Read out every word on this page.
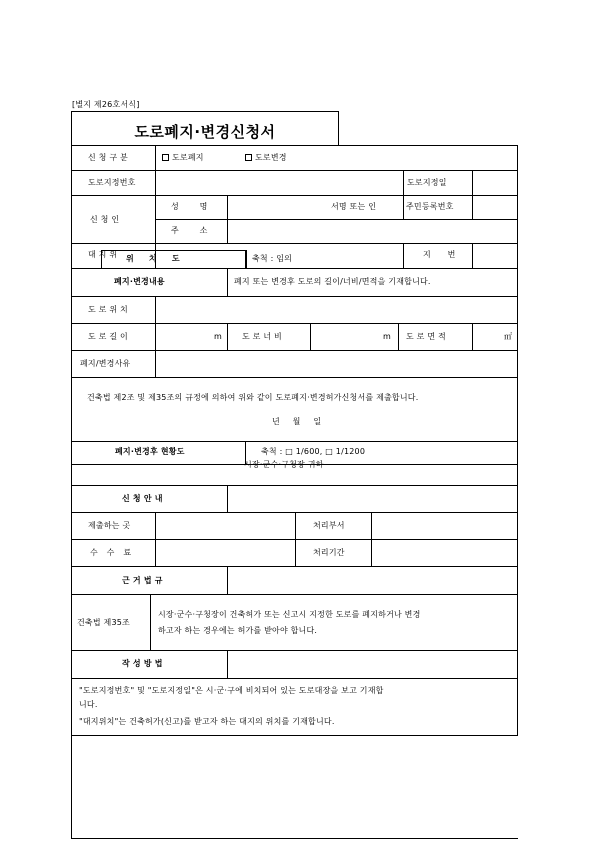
[별지 제26호서식]
도로폐지·변경신청서
신 청 구 분	도로폐지	도로변경
도로지정번호	도로지정일
신 청 인
성 명	서명 또는 인	주민등록번호
주 소
대 지 위 위 치 도	축척 : 임의	지 번
폐지·변경내용	폐지 또는 변경후 도로의 길이/너비/면적을 기재합니다.
도 로 위 치
도 로 길 이	m	도 로 너 비	m 도 로 면 적	㎡
폐지/변경사유
건축법 제2조 및 제35조의 규정에 의하여 위와 같이 도로폐지·변경허가신청서를 제출합니다.
년 월 일
폐지·변경후 현황도	축척 : □ 1/600, □ 1/1200
시장·군수·구청장 귀하
신 청 안 내
제출하는 곳	처리부서
수 수 료	처리기간
근 거 법 규
건축법 제35조
시장·군수·구청장이 건축허가 또는 신고시 지정한 도로를 폐지하거나 변경
하고자 하는 경우에는 허가를 받아야 합니다.
작 성 방 법
"도로지정번호" 및 "도로지정일"은 시·군·구에 비치되어 있는 도로대장을 보고 기재합
니다.
"대지위치"는 건축허가(신고)를 받고자 하는 대지의 위치를 기재합니다.
